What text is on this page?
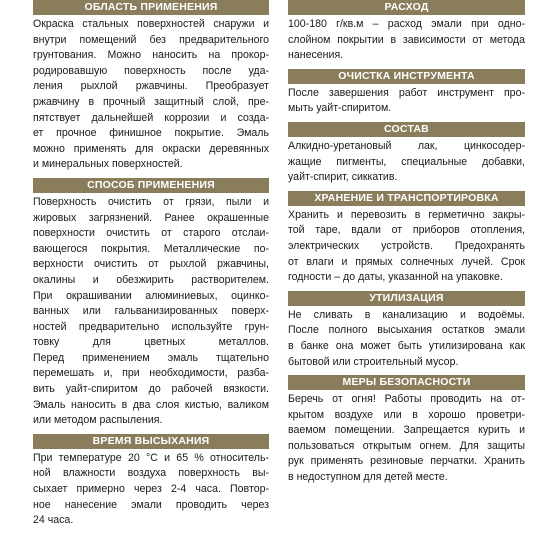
ОБЛАСТЬ ПРИМЕНЕНИЯ
Окраска стальных поверхностей снаружи и
внутри помещений без предварительного
грунтования. Можно наносить на прокор-
родировавшую поверхность после уда-
ления рыхлой ржавчины. Преобразует
ржавчину в прочный защитный слой, пре-
пятствует дальнейшей коррозии и созда-
ет прочное финишное покрытие. Эмаль
можно применять для окраски деревянных
и минеральных поверхностей.
СПОСОБ ПРИМЕНЕНИЯ
Поверхность очистить от грязи, пыли и
жировых загрязнений. Ранее окрашенные
поверхности очистить от старого отслаи-
вающегося покрытия. Металлические по-
верхности очистить от рыхлой ржавчины,
окалины и обезжирить растворителем.
При окрашивании алюминиевых, оцинко-
ванных или гальванизированных поверх-
ностей предварительно используйте грун-
товку для цветных металлов.
Перед применением эмаль тщательно
перемешать и, при необходимости, разба-
вить уайт-спиритом до рабочей вязкости.
Эмаль наносить в два слоя кистью, валиком
или методом распыления.
ВРЕМЯ ВЫСЫХАНИЯ
При температуре 20 °С и 65 % относитель-
ной влажности воздуха поверхность вы-
сыхает примерно через 2-4 часа. Повтор-
ное нанесение эмали проводить через
24 часа.
РАСХОД
100-180 г/кв.м – расход эмали при одно-
слойном покрытии в зависимости от метода
нанесения.
ОЧИСТКА ИНСТРУМЕНТА
После завершения работ инструмент про-
мыть уайт-спиритом.
СОСТАВ
Алкидно-уретановый лак, цинкосодер-
жащие пигменты, специальные добавки,
уайт-спирит, сиккатив.
ХРАНЕНИЕ И ТРАНСПОРТИРОВКА
Хранить и перевозить в герметично закры-
той таре, вдали от приборов отопления,
электрических устройств. Предохранять
от влаги и прямых солнечных лучей. Срок
годности – до даты, указанной на упаковке.
УТИЛИЗАЦИЯ
Не сливать в канализацию и водоёмы.
После полного высыхания остатков эмали
в банке она может быть утилизирована как
бытовой или строительный мусор.
МЕРЫ БЕЗОПАСНОСТИ
Беречь от огня! Работы проводить на от-
крытом воздухе или в хорошо проветри-
ваемом помещении. Запрещается курить и
пользоваться открытым огнем. Для защиты
рук применять резиновые перчатки. Хранить
в недоступном для детей месте.
